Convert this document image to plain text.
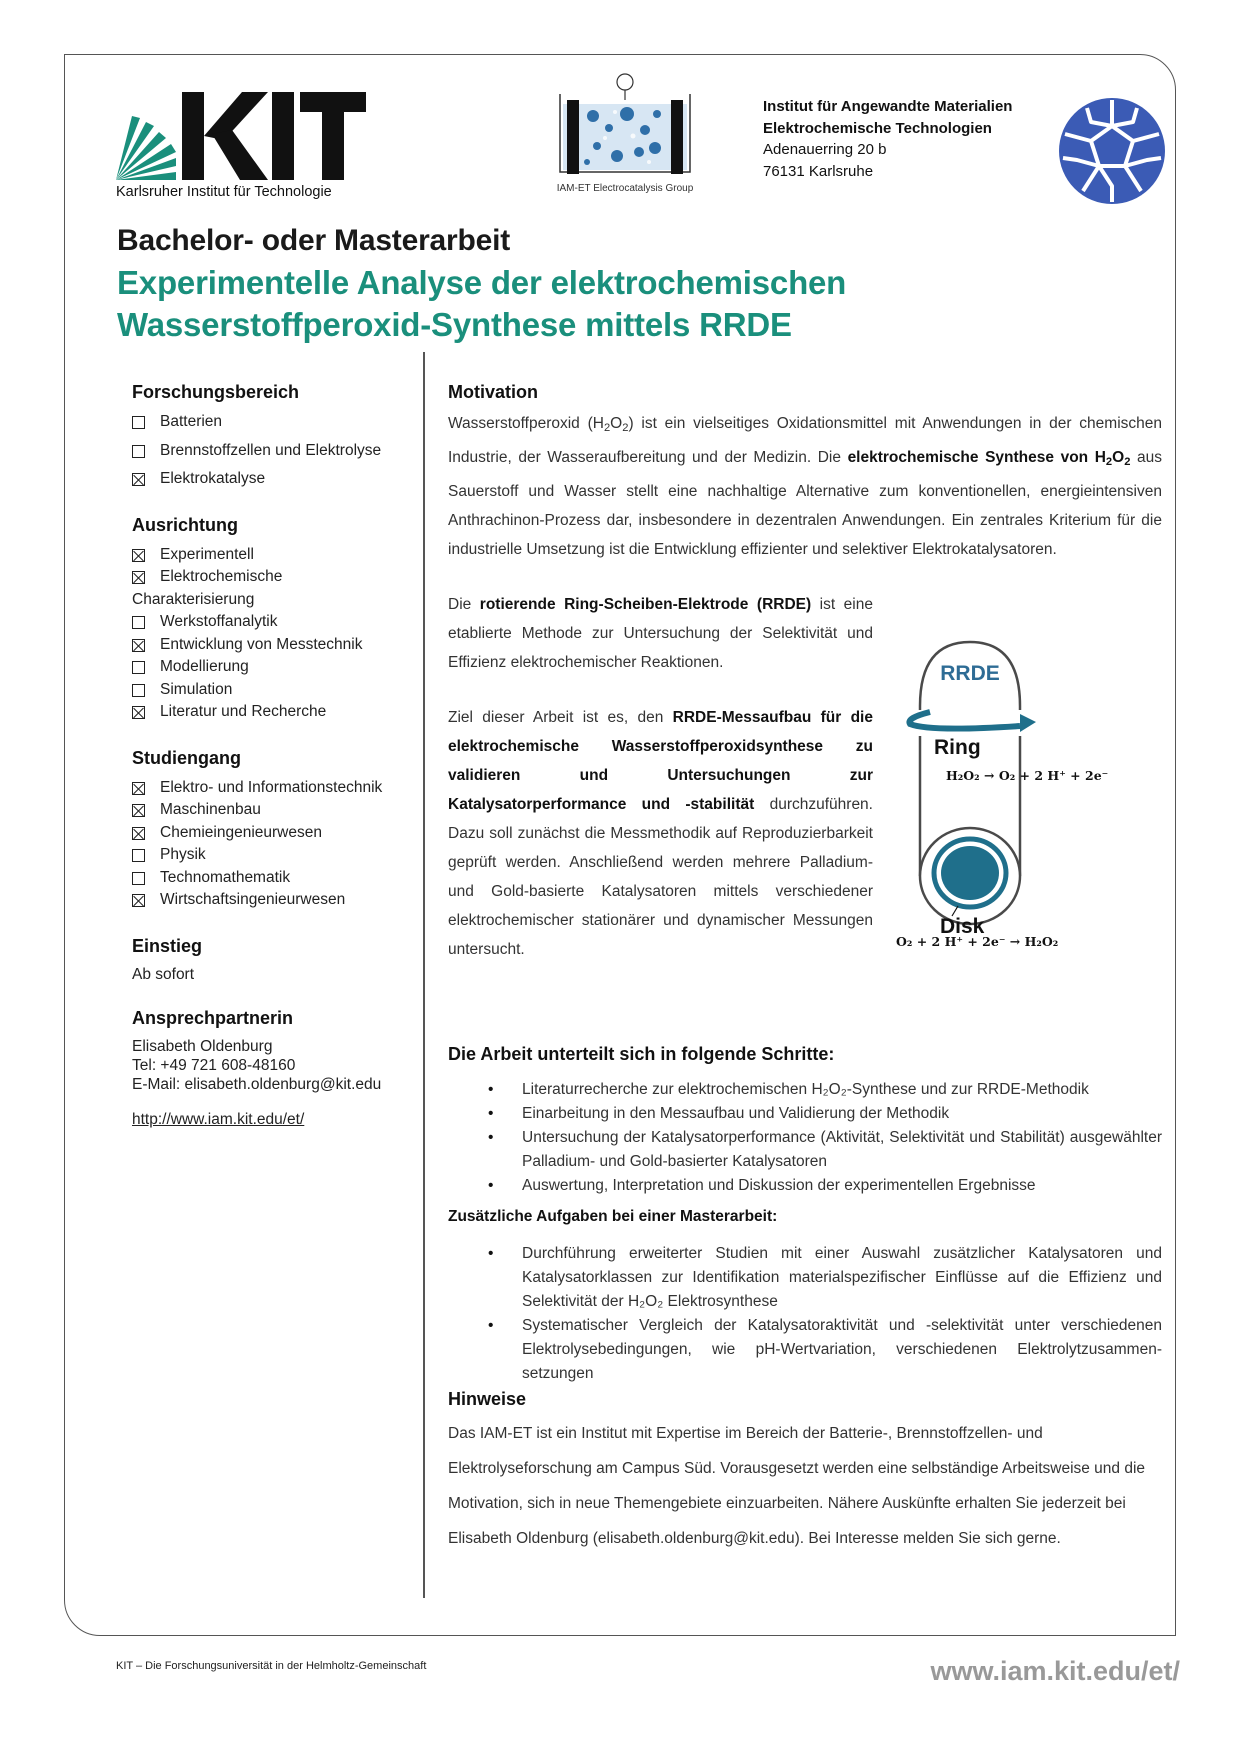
Karlsruher Institut für Technologie	IAM-ET Electrocatalysis Group
Institut für Angewandte Materialien
Elektrochemische Technologien
Adenauerring 20 b
76131 Karlsruhe
Bachelor- oder Masterarbeit
Experimentelle Analyse der elektrochemischen
Wasserstoffperoxid-Synthese mittels RRDE
Forschungsbereich
Batterien
Brennstoffzellen und Elektrolyse
Elektrokatalyse
Ausrichtung
Experimentell
Elektrochemische
Charakterisierung
Werkstoffanalytik
Entwicklung von Messtechnik
Modellierung
Simulation
Literatur und Recherche
Studiengang
Elektro- und Informationstechnik
Maschinenbau
Chemieingenieurwesen
Physik
Technomathematik
Wirtschaftsingenieurwesen
Einstieg
Ab sofort
Ansprechpartnerin
Elisabeth Oldenburg
Tel: +49 721 608-48160
E-Mail: elisabeth.oldenburg@kit.edu
http://www.iam.kit.edu/et/
Motivation

Wasserstoffperoxid $(H_2O_2)$ ist ein vielseitiges Oxidationsmittel mit Anwendungen in der chemischen Industrie, der Wasseraufbereitung und der Medizin. Die elektrochemische Synthese von $H_2O_2$ aus Sauerstoff und Wasser stellt eine nachhaltige Alternative zum konventionellen, energieintensiven Anthrachinon-Prozess dar, insbesondere in dezentralen Anwendungen. Ein zentrales Kriterium für die industrielle Umsetzung ist die Entwicklung effizienter und selektiver Elektrokatalysatoren.

Die rotierende Ring-Scheiben-Elektrode (RRDE) ist eine etablierte Methode zur Untersuchung der Selektivität und Effizienz elektrochemischer Reaktionen.

Ziel dieser Arbeit ist es, den RRDE-Messaufbau für die elektrochemische Wasserstoffperoxidsynthese zu validieren und Untersuchungen zur Katalysatorperformance und -stabilität durchzuführen. Dazu soll zunächst die Messmethodik auf Reproduzierbarkeit geprüft werden. Anschließend werden mehrere Palladium- und Gold-basierte Katalysatoren mittels verschiedener elektrochemischer stationärer und dynamischer Messungen untersucht.

RRDE
Ring
H₂O₂ → O₂ + 2 H⁺ + 2e⁻
Disk
O₂ + 2 H⁺ + 2e⁻ → H₂O₂
Die Arbeit unterteilt sich in folgende Schritte:
• Literaturrecherche zur elektrochemischen H₂O₂-Synthese und zur RRDE-Methodik
• Einarbeitung in den Messaufbau und Validierung der Methodik
• Untersuchung der Katalysatorperformance (Aktivität, Selektivität und Stabilität) ausgewählter Palladium- und Gold-basierter Katalysatoren
• Auswertung, Interpretation und Diskussion der experimentellen Ergebnisse
Zusätzliche Aufgaben bei einer Masterarbeit:
• Durchführung erweiterter Studien mit einer Auswahl zusätzlicher Katalysatoren und Katalysatorklassen zur Identifikation materialspezifischer Einflüsse auf die Effizienz und Selektivität der H₂O₂ Elektrosynthese
• Systematischer Vergleich der Katalysatoraktivität und -selektivität unter verschiedenen Elektrolysebedingungen, wie pH-Wertvariation, verschiedenen Elektrolytzusammen-setzungen
Hinweise
Das IAM-ET ist ein Institut mit Expertise im Bereich der Batterie-, Brennstoffzellen- und Elektrolyseforschung am Campus Süd. Vorausgesetzt werden eine selbständige Arbeitsweise und die Motivation, sich in neue Themengebiete einzuarbeiten. Nähere Auskünfte erhalten Sie jederzeit bei Elisabeth Oldenburg (elisabeth.oldenburg@kit.edu). Bei Interesse melden Sie sich gerne.
KIT – Die Forschungsuniversität in der Helmholtz-Gemeinschaft	www.iam.kit.edu/et/
